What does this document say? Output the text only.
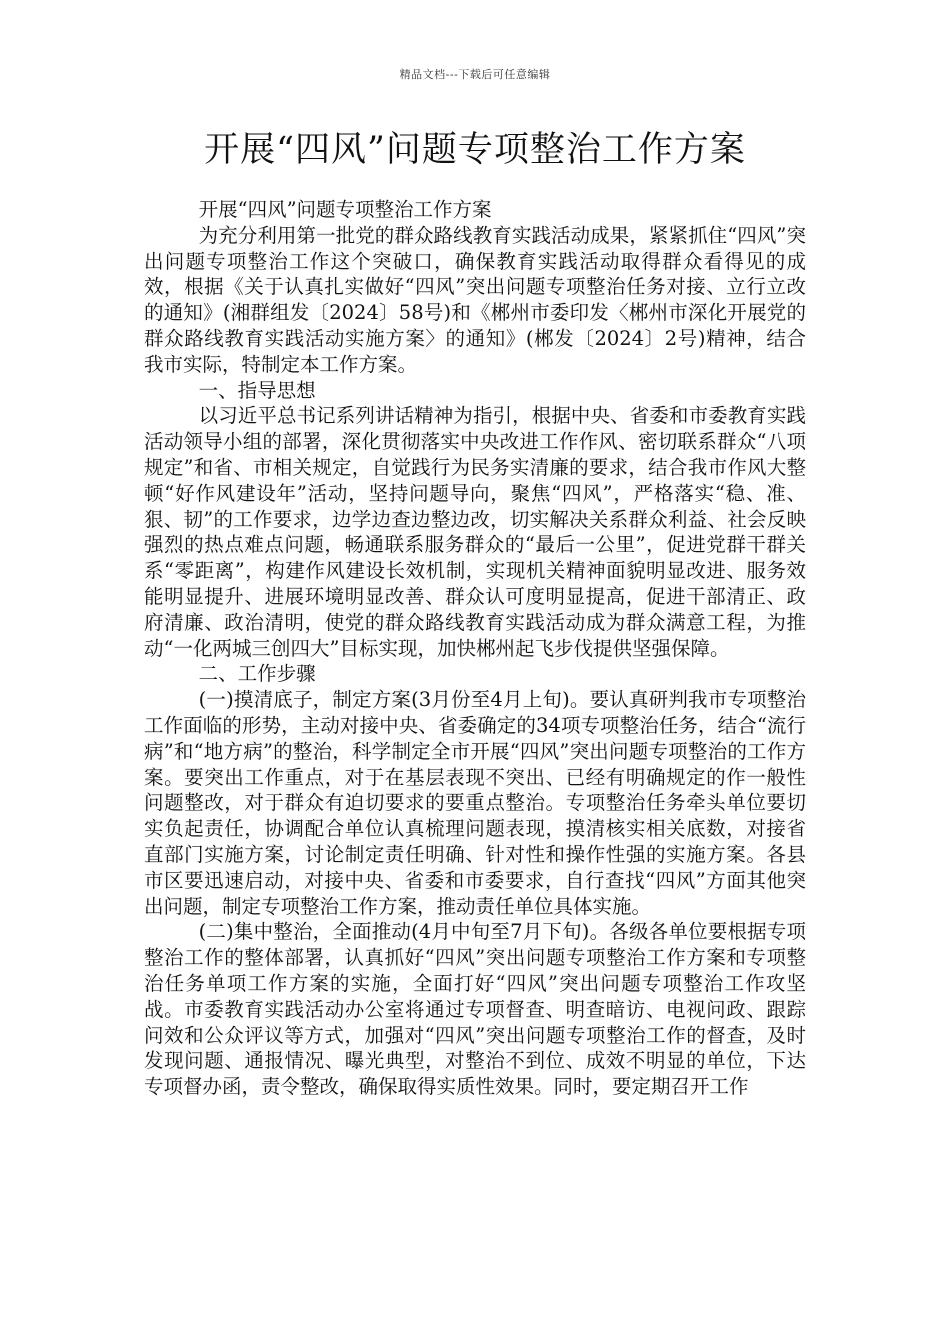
精品文档---下载后可任意编辑
开展“四风”问题专项整治工作方案

开展“四风”问题专项整治工作方案

为充分利用第一批党的群众路线教育实践活动成果，紧紧抓住“四风”突出问题专项整治工作这个突破口，确保教育实践活动取得群众看得见的成效，根据《关于认真扎实做好“四风”突出问题专项整治任务对接、立行立改的通知》(湘群组发〔2024〕58号)和《郴州市委印发〈郴州市深化开展党的群众路线教育实践活动实施方案〉的通知》(郴发〔2024〕2号)精神，结合我市实际，特制定本工作方案。

一、指导思想

以习近平总书记系列讲话精神为指引，根据中央、省委和市委教育实践活动领导小组的部署，深化贯彻落实中央改进工作作风、密切联系群众“八项规定”和省、市相关规定，自觉践行为民务实清廉的要求，结合我市作风大整顿“好作风建设年”活动，坚持问题导向，聚焦“四风”，严格落实“稳、准、狠、韧”的工作要求，边学边查边整边改，切实解决关系群众利益、社会反映强烈的热点难点问题，畅通联系服务群众的“最后一公里”，促进党群干群关系“零距离”，构建作风建设长效机制，实现机关精神面貌明显改进、服务效能明显提升、进展环境明显改善、群众认可度明显提高，促进干部清正、政府清廉、政治清明，使党的群众路线教育实践活动成为群众满意工程，为推动“一化两城三创四大”目标实现，加快郴州起飞步伐提供坚强保障。

二、工作步骤

(一)摸清底子，制定方案(3月份至4月上旬)。要认真研判我市专项整治工作面临的形势，主动对接中央、省委确定的34项专项整治任务，结合“流行病”和“地方病”的整治，科学制定全市开展“四风”突出问题专项整治的工作方案。要突出工作重点，对于在基层表现不突出、已经有明确规定的作一般性问题整改，对于群众有迫切要求的要重点整治。专项整治任务牵头单位要切实负起责任，协调配合单位认真梳理问题表现，摸清核实相关底数，对接省直部门实施方案，讨论制定责任明确、针对性和操作性强的实施方案。各县市区要迅速启动，对接中央、省委和市委要求，自行查找“四风”方面其他突出问题，制定专项整治工作方案，推动责任单位具体实施。

(二)集中整治，全面推动(4月中旬至7月下旬)。各级各单位要根据专项整治工作的整体部署，认真抓好“四风”突出问题专项整治工作方案和专项整治任务单项工作方案的实施，全面打好“四风”突出问题专项整治工作攻坚战。市委教育实践活动办公室将通过专项督查、明查暗访、电视问政、跟踪问效和公众评议等方式，加强对“四风”突出问题专项整治工作的督查，及时发现问题、通报情况、曝光典型，对整治不到位、成效不明显的单位，下达专项督办函，责令整改，确保取得实质性效果。同时，要定期召开工作
